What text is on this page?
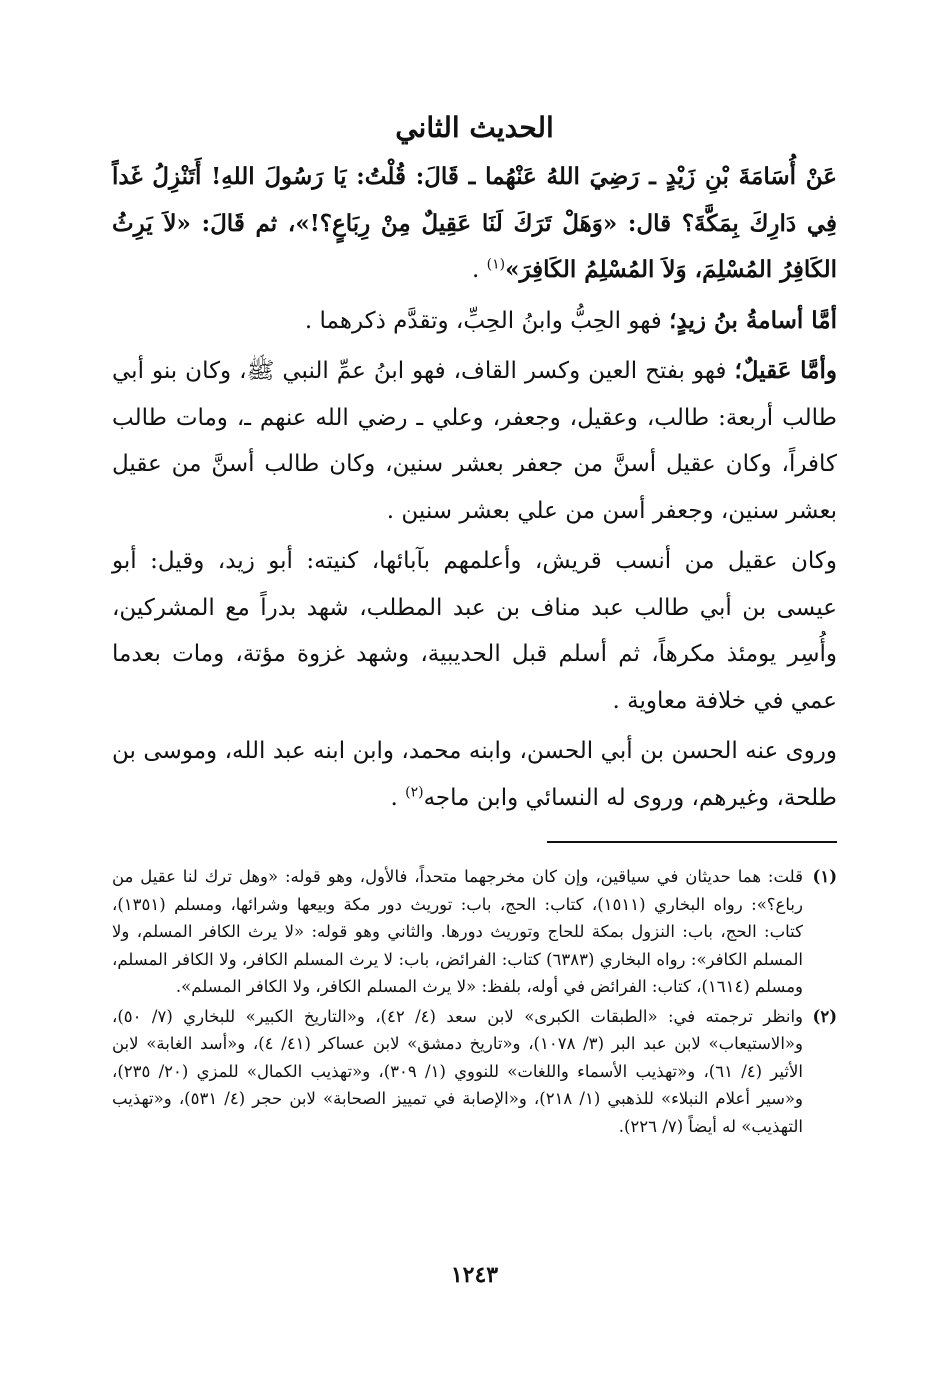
الحديث الثاني

عَنْ أُسَامَةَ بْنِ زَيْدٍ ـ رَضِيَ اللهُ عَنْهُما ـ قَالَ: قُلْتُ: يَا رَسُولَ اللهِ! أَتَنْزِلُ غَداً فِي دَارِكَ بِمَكَّةَ؟ قال: «وَهَلْ تَرَكَ لَنَا عَقِيلٌ مِنْ رِبَاعٍ؟!»، ثم قَالَ: «لاَ يَرِثُ الكَافِرُ المُسْلِمَ، وَلاَ المُسْلِمُ الكَافِرَ»$^{(١)}$ .

أمَّا أسامةُ بنُ زيدٍ؛ فهو الحِبُّ وابنُ الحِبِّ، وتقدَّم ذكرهما .

وأمَّا عَقيلٌ؛ فهو بفتح العين وكسر القاف، فهو ابنُ عمِّ النبي ﷺ، وكان بنو أبي طالب أربعة: طالب، وعقيل، وجعفر، وعلي ـ رضي الله عنهم ـ، ومات طالب كافراً، وكان عقيل أسنَّ من جعفر بعشر سنين، وكان طالب أسنَّ من عقيل بعشر سنين، وجعفر أسن من علي بعشر سنين .

وكان عقيل من أنسب قريش، وأعلمهم بآبائها، كنيته: أبو زيد، وقيل: أبو عيسى بن أبي طالب عبد مناف بن عبد المطلب، شهد بدراً مع المشركين، وأُسِر يومئذ مكرهاً، ثم أسلم قبل الحديبية، وشهد غزوة مؤتة، ومات بعدما عمي في خلافة معاوية .

وروى عنه الحسن بن أبي الحسن، وابنه محمد، وابن ابنه عبد الله، وموسى بن طلحة، وغيرهم، وروى له النسائي وابن ماجه$^{(٢)}$ .

(١)
قلت: هما حديثان في سياقين، وإن كان مخرجهما متحداً، فالأول، وهو قوله: «وهل ترك لنا عقيل من رباع؟»: رواه البخاري (١٥١١)، كتاب: الحج، باب: توريث دور مكة وبيعها وشرائها، ومسلم (١٣٥١)، كتاب: الحج، باب: النزول بمكة للحاج وتوريث دورها. والثاني وهو قوله: «لا يرث الكافر المسلم، ولا المسلم الكافر»: رواه البخاري (٦٣٨٣) كتاب: الفرائض، باب: لا يرث المسلم الكافر، ولا الكافر المسلم، ومسلم (١٦١٤)، كتاب: الفرائض في أوله، بلفظ: «لا يرث المسلم الكافر، ولا الكافر المسلم».
(٢)
وانظر ترجمته في: «الطبقات الكبرى» لابن سعد (٤/ ٤٢)، و«التاريخ الكبير» للبخاري (٧/ ٥٠)، و«الاستيعاب» لابن عبد البر (٣/ ١٠٧٨)، و«تاريخ دمشق» لابن عساكر (٤١/ ٤)، و«أسد الغابة» لابن الأثير (٤/ ٦١)، و«تهذيب الأسماء واللغات» للنووي (١/ ٣٠٩)، و«تهذيب الكمال» للمزي (٢٠/ ٢٣٥)، و«سير أعلام النبلاء» للذهبي (١/ ٢١٨)، و«الإصابة في تمييز الصحابة» لابن حجر (٤/ ٥٣١)، و«تهذيب التهذيب» له أيضاً (٧/ ٢٢٦).
١٢٤٣
